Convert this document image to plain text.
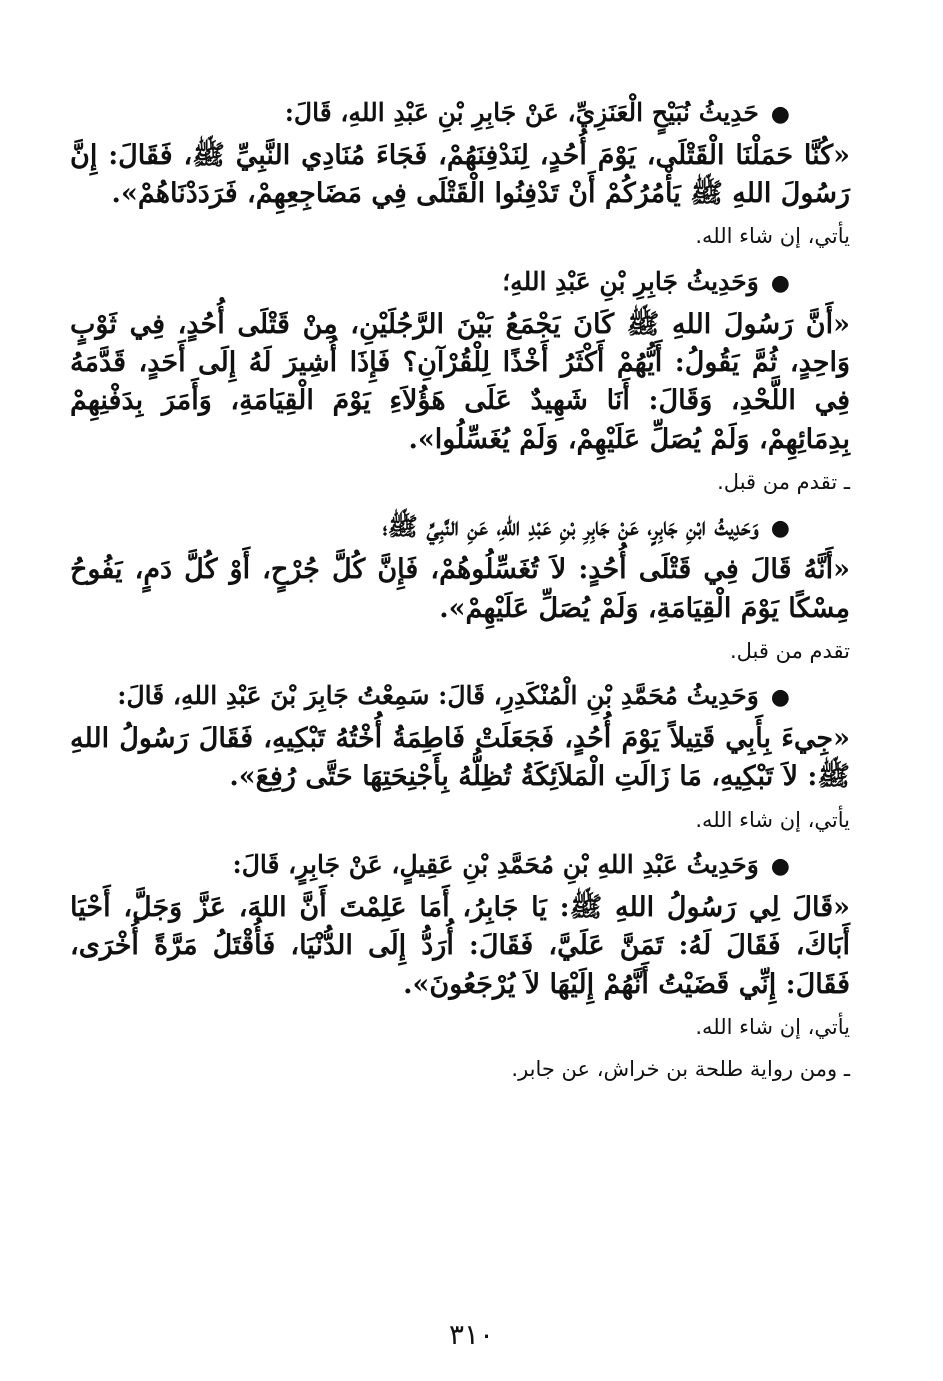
●حَدِيثُ نُبَيْحٍ الْعَنَزِيِّ، عَنْ جَابِرِ بْنِ عَبْدِ اللهِ، قَالَ:

«كُنَّا حَمَلْنَا الْقَتْلَى، يَوْمَ أُحُدٍ، لِنَدْفِنَهُمْ، فَجَاءَ مُنَادِي النَّبِيِّ ﷺ، فَقَالَ: إِنَّ رَسُولَ اللهِ ﷺ يَأْمُرُكُمْ أَنْ تَدْفِنُوا الْقَتْلَى فِي مَضَاجِعِهِمْ، فَرَدَدْنَاهُمْ».

يأتي، إن شاء الله.

●وَحَدِيثُ جَابِرِ بْنِ عَبْدِ اللهِ؛

«أَنَّ رَسُولَ اللهِ ﷺ كَانَ يَجْمَعُ بَيْنَ الرَّجُلَيْنِ، مِنْ قَتْلَى أُحُدٍ، فِي ثَوْبٍ وَاحِدٍ، ثُمَّ يَقُولُ: أَيُّهُمْ أَكْثَرُ أَخْذًا لِلْقُرْآنِ؟ فَإِذَا أُشِيرَ لَهُ إِلَى أَحَدٍ، قَدَّمَهُ فِي اللَّحْدِ، وَقَالَ: أَنَا شَهِيدٌ عَلَى هَؤُلاَءِ يَوْمَ الْقِيَامَةِ، وَأَمَرَ بِدَفْنِهِمْ بِدِمَائِهِمْ، وَلَمْ يُصَلِّ عَلَيْهِمْ، وَلَمْ يُغَسِّلُوا».

ـ تقدم من قبل.

●وَحَدِيثُ ابْنِ جَابِرٍ، عَنْ جَابِرِ بْنِ عَبْدِ اللهِ، عَنِ النَّبِيِّ ﷺ؛

«أَنَّهُ قَالَ فِي قَتْلَى أُحُدٍ: لاَ تُغَسِّلُوهُمْ، فَإِنَّ كُلَّ جُرْحٍ، أَوْ كُلَّ دَمٍ، يَفُوحُ مِسْكًا يَوْمَ الْقِيَامَةِ، وَلَمْ يُصَلِّ عَلَيْهِمْ».

تقدم من قبل.

●وَحَدِيثُ مُحَمَّدِ بْنِ الْمُنْكَدِرِ، قَالَ: سَمِعْتُ جَابِرَ بْنَ عَبْدِ اللهِ، قَالَ:

«جِيءَ بِأَبِي قَتِيلاً يَوْمَ أُحُدٍ، فَجَعَلَتْ فَاطِمَةُ أُخْتُهُ تَبْكِيهِ، فَقَالَ رَسُولُ اللهِ ﷺ: لاَ تَبْكِيهِ، مَا زَالَتِ الْمَلاَئِكَةُ تُظِلُّهُ بِأَجْنِحَتِهَا حَتَّى رُفِعَ».

يأتي، إن شاء الله.

●وَحَدِيثُ عَبْدِ اللهِ بْنِ مُحَمَّدِ بْنِ عَقِيلٍ، عَنْ جَابِرٍ، قَالَ:

«قَالَ لِي رَسُولُ اللهِ ﷺ: يَا جَابِرُ، أَمَا عَلِمْتَ أَنَّ اللهَ، عَزَّ وَجَلَّ، أَحْيَا أَبَاكَ، فَقَالَ لَهُ: تَمَنَّ عَلَيَّ، فَقَالَ: أُرَدُّ إِلَى الدُّنْيَا، فَأُقْتَلُ مَرَّةً أُخْرَى، فَقَالَ: إِنِّي قَضَيْتُ أَنَّهُمْ إِلَيْهَا لاَ يُرْجَعُونَ».

يأتي، إن شاء الله.

ـ ومن رواية طلحة بن خراش، عن جابر.

٣١٠
